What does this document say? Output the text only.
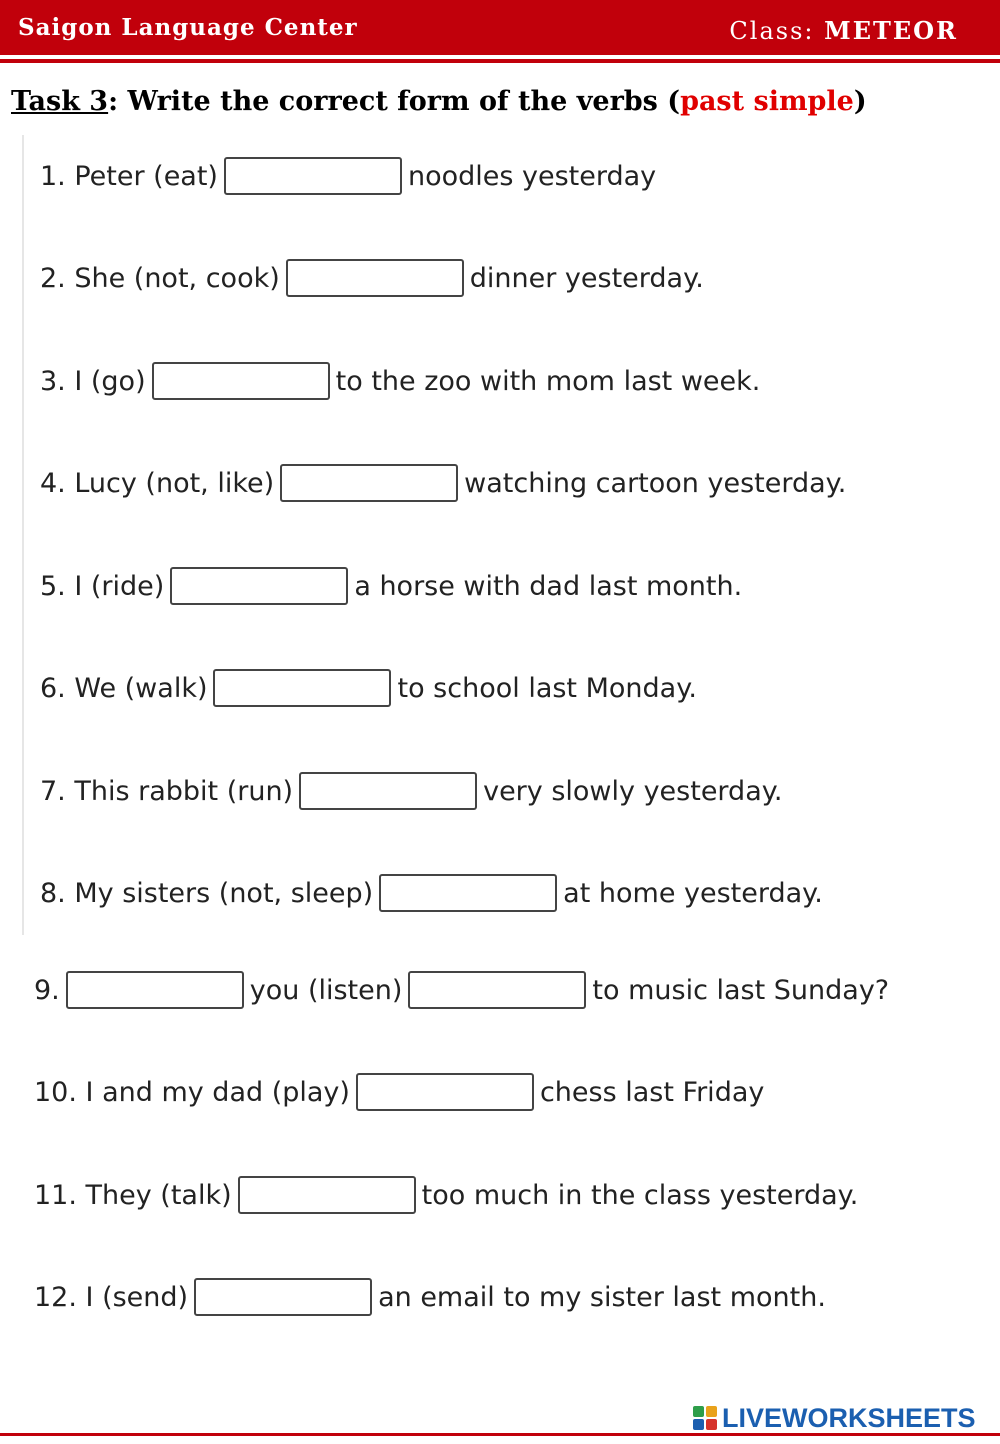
Saigon Language Center	Class: METEOR
Task 3: Write the correct form of the verbs (past simple)
1. Peter (eat)	noodles yesterday
2. She (not, cook)	dinner yesterday.
3. I (go)	to the zoo with mom last week.
4. Lucy (not, like)	watching cartoon yesterday.
5. I (ride)	a horse with dad last month.
6. We (walk)	to school last Monday.
7. This rabbit (run)	very slowly yesterday.
8. My sisters (not, sleep)	at home yesterday.
9.	you (listen)	to music last Sunday?
10. I and my dad (play)	chess last Friday
11. They (talk)	too much in the class yesterday.
12. I (send)	an email to my sister last month.
LIVEWORKSHEETS
